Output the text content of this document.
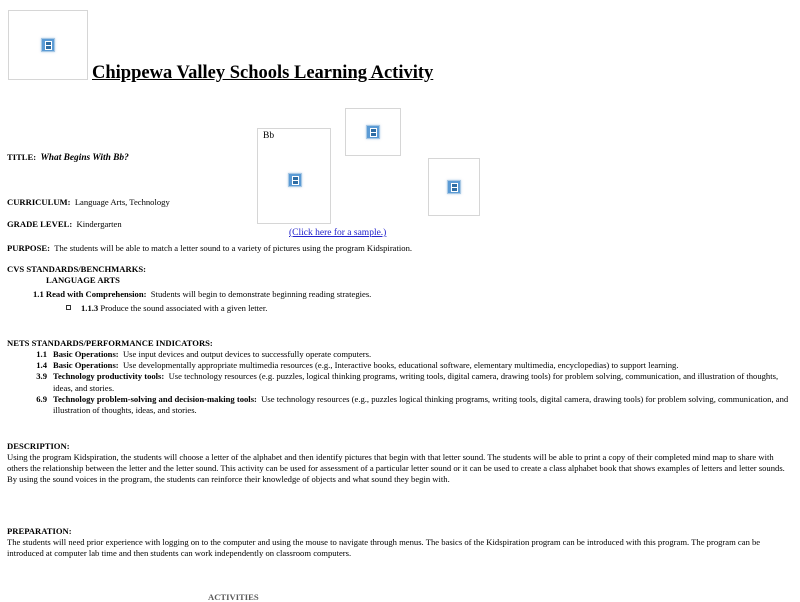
Bb
Chippewa Valley Schools Learning Activity
(Click here for a sample.)
TITLE: What Begins With Bb?
CURRICULUM: Language Arts, Technology
GRADE LEVEL: Kindergarten
PURPOSE: The students will be able to match a letter sound to a variety of pictures using the program Kidspiration.
CVS STANDARDS/BENCHMARKS:
LANGUAGE ARTS
1.1 Read with Comprehension: Students will begin to demonstrate beginning reading strategies.
1.1.3 Produce the sound associated with a given letter.
NETS STANDARDS/PERFORMANCE INDICATORS:
1.1 Basic Operations: Use input devices and output devices to successfully operate computers.
1.4 Basic Operations: Use developmentally appropriate multimedia resources (e.g., Interactive books, educational software, elementary multimedia, encyclopedias) to support learning.
3.9 Technology productivity tools: Use technology resources (e.g. puzzles, logical thinking programs, writing tools, digital camera, drawing tools) for problem solving, communication, and illustration of thoughts, ideas, and stories.
6.9 Technology problem-solving and decision-making tools: Use technology resources (e.g., puzzles logical thinking programs, writing tools, digital camera, drawing tools) for problem solving, communication, and illustration of thoughts, ideas, and stories.
DESCRIPTION:
Using the program Kidspiration, the students will choose a letter of the alphabet and then identify pictures that begin with that letter sound. The students will be able to print a copy of their completed mind map to share with others the relationship between the letter and the letter sound. This activity can be used for assessment of a particular letter sound or it can be used to create a class alphabet book that shows examples of letters and letter sounds. By using the sound voices in the program, the students can reinforce their knowledge of objects and what sound they begin with.
PREPARATION:
The students will need prior experience with logging on to the computer and using the mouse to navigate through menus. The basics of the Kidspiration program can be introduced with this program. The program can be introduced at computer lab time and then students can work independently on classroom computers.
ACTIVITIES
